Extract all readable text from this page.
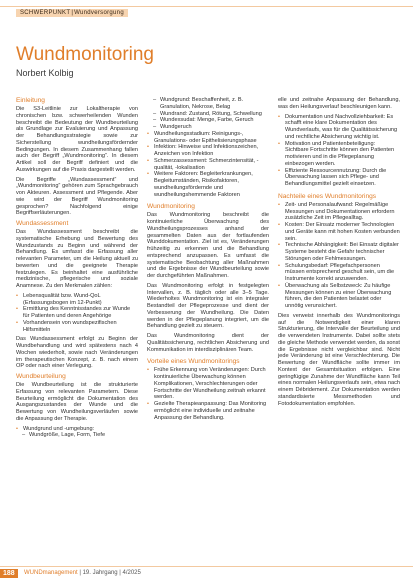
SCHWERPUNKT|Wundversorgung
Wundmonitoring
Norbert Kolbig
Einleitung

Die S3-Leitlinie zur Lokaltherapie von chronischen bzw. schwerheilenden Wunden beschreibt die Bedeutung der Wundbeurteilung als Grundlage zur Evaluierung und Anpassung der Behandlungsstrategie sowie zur Sicherstellung wundheilungsfördernder Bedingungen. In diesem Zusammenhang fallen auch der Begriff „Wundmonitoring“. In diesem Artikel soll der Begriff definiert und die Auswirkungen auf die Praxis dargestellt werden.

Die Begriffe „Wundassessment“ und „Wundmonitoring“ gehören zum Sprachgebrauch von Akteuren. Assessment und Pflegende. Aber wie wird der Begriff Wundmonitoring gesprochen? Nachfolgend einige Begriffserläuterungen.

Wundassessment

Das Wundassessment beschreibt die systematische Erhebung und Bewertung des Wundzustands zu Beginn und während der Behandlung. Es umfasst die Erfassung aller relevanten Parameter, um die Heilung aktuell zu bewerten und die geeignete Therapie festzulegen. Es beinhaltet eine ausführliche medizinische, pflegerische und soziale Anamnese. Zu den Merkmalen zählen:

• Lebensqualität bzw. Wund-QoL (Erfassungsbogen im 12-Punkt)
• Ermittlung des Kenntnisstandes zur Wunde für Patienten und deren Angehörige
• Vorhandensein von wundspezifischen Hilfsmitteln

Das Wundassessment erfolgt zu Beginn der Wundbehandlung und wird spätestens nach 4 Wochen wiederholt, sowie nach Veränderungen im therapeutischen Konzept, z. B. nach einem OP oder nach einer Verlegung.

Wundbeurteilung

Die Wundbeurteilung ist die strukturierte Erfassung von relevanten Parametern. Diese Beurteilung ermöglicht die Dokumentation des Ausgangszustandes der Wunde und die Bewertung von Wundheilungsverläufen sowie die Anpassung der Therapie.

• Wundgrund und -umgebung:
– Wundgröße, Lage, Form, Tiefe
– Wundgrund: Beschaffenheit, z. B. Granulation, Nekrose, Belag
– Wundrand: Zustand, Rötung, Schwellung
– Wundexsudat: Menge, Farbe, Geruch
– Wundgeruch
• Wundheilungsstadium: Reinigungs-, Granulations- oder Epithelisierungsphase
• Infektion: Hinweise und Infektionszeichen, Anzeichen von Infektion
• Schmerzassessment: Schmerzintensität, -qualität, -lokalisation
• Weitere Faktoren: Begleiterkrankungen, Begleitumständen, Risikofaktoren, wundheilungsfördernde und wundheilungshemmende Faktoren
Wundmonitoring

Das Wundmonitoring beschreibt die kontinuierliche Überwachung des Wundheilungsprozesses anhand der gesammelten Daten aus der fortlaufenden Wunddokumentation. Ziel ist es, Veränderungen frühzeitig zu erkennen und die Behandlung entsprechend anzupassen. Es umfasst die systematische Beobachtung aller Maßnahmen und die Ergebnisse der Wundbeurteilung sowie der durchgeführten Maßnahmen.

Das Wundmonitoring erfolgt in festgelegten Intervallen, z. B. täglich oder alle 3–5 Tage. Wiederholtes Wundmonitoring ist ein integraler Bestandteil der Pflegeprozesse und dient der Verbesserung der Wundheilung. Die Daten werden in der Pflegeplanung integriert, um die Behandlung gezielt zu steuern.

Das Wundmonitoring dient der Qualitätssicherung, rechtlichen Absicherung und Kommunikation im interdisziplinären Team.

Vorteile eines Wundmonitorings
• Frühe Erkennung von Veränderungen: Durch kontinuierliche Überwachung können Komplikationen, Verschlechterungen oder Fortschritte der Wundheilung zeitnah erkannt werden.
• Gezielte Therapieanpassung: Das Monitoring ermöglicht eine individuelle und zeitnahe Anpassung der Behandlung.

elle und zeitnahe Anpassung der Behandlung, was den Heilungsverlauf beschleunigen kann.

• Dokumentation und Nachvollziehbarkeit: Es schafft eine klare Dokumentation des Wundverlaufs, was für die Qualitätssicherung und rechtliche Absicherung wichtig ist.
• Motivation und Patientenbeteiligung: Sichtbare Fortschritte können den Patienten motivieren und in die Pflegeplanung einbezogen werden.
• Effiziente Ressourcennutzung: Durch die Überwachung lassen sich Pflege- und Behandlungsmittel gezielt einsetzen.
Nachteile eines Wundmonitorings
• Zeit- und Personalaufwand: Regelmäßige Messungen und Dokumentationen erfordern zusätzliche Zeit im Pflegealltag.
• Kosten: Der Einsatz moderner Technologien und Geräte kann mit hohen Kosten verbunden sein.
• Technische Abhängigkeit: Bei Einsatz digitaler Systeme besteht die Gefahr technischer Störungen oder Fehlmessungen.
• Schulungsbedarf: Pflegefachpersonen müssen entsprechend geschult sein, um die Instrumente korrekt anzuwenden.
• Überwachung als Selbstzweck: Zu häufige Messungen können zu einer Überwachung führen, die den Patienten belastet oder unnötig verunsichert.

Dies verweist innerhalb des Wundmonitorings auf die Notwendigkeit einer klaren Strukturierung, die Intervalle der Beurteilung und die verwendeten Instrumente. Dabei sollte stets die gleiche Methode verwendet werden, da sonst die Ergebnisse nicht vergleichbar sind. Nicht jede Veränderung ist eine Verschlechterung. Die Bewertung der Wundfläche sollte immer im Kontext der Gesamtsituation erfolgen. Eine geringfügige Zunahme der Wundfläche kann Teil eines normalen Heilungsverlaufs sein, etwa nach einem Débridement. Zur Dokumentation werden standardisierte Messmethoden und Fotodokumentation empfohlen.

188	WUNDmanagement | 19. Jahrgang | 4/2025
